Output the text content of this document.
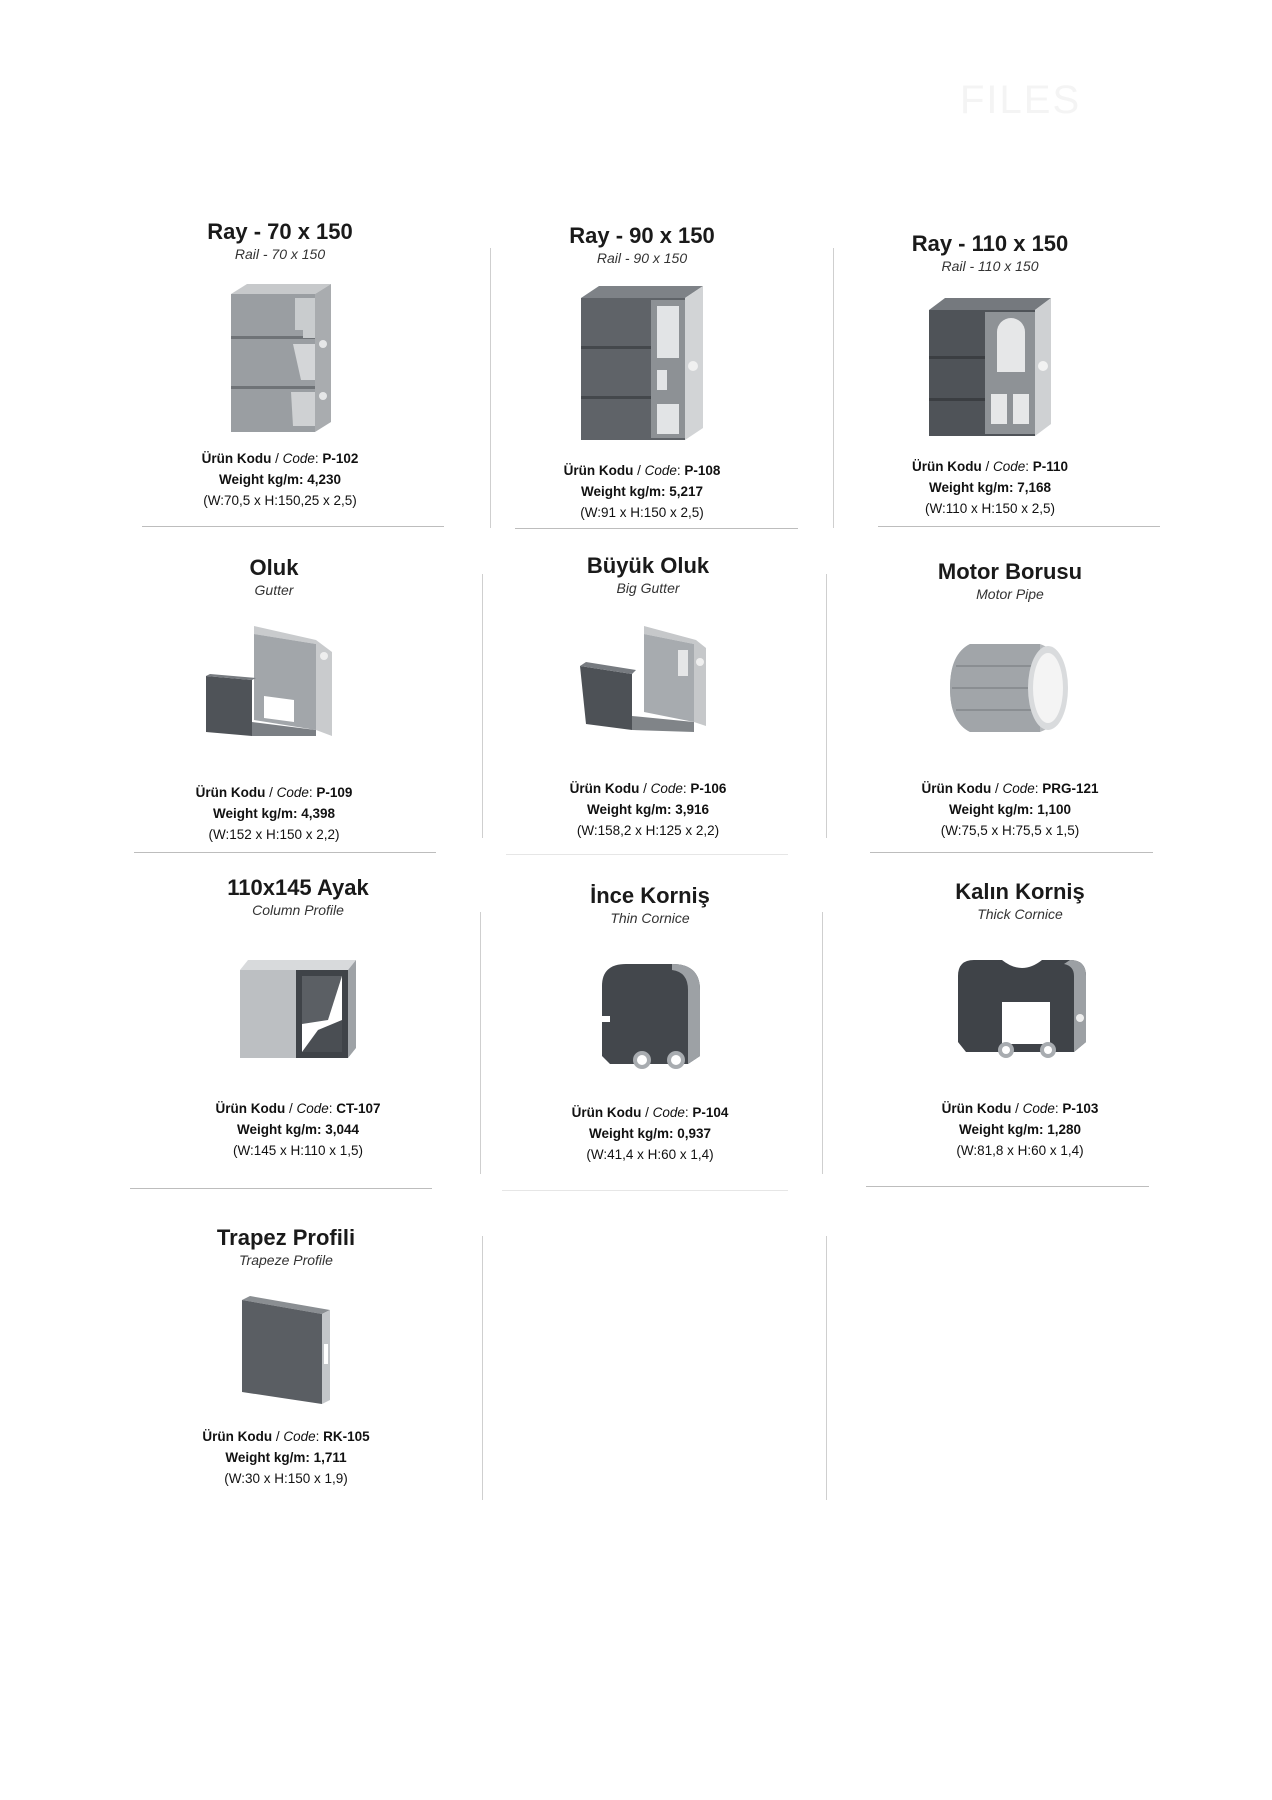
FILES
Ray - 70 x 150
Rail - 70 x 150
Ürün Kodu / Code: P-102
Weight kg/m: 4,230
(W:70,5 x H:150,25 x 2,5)
Ray - 90 x 150
Rail - 90 x 150
Ürün Kodu / Code: P-108
Weight kg/m: 5,217
(W:91 x H:150 x 2,5)
Ray - 110 x 150
Rail - 110 x 150
Ürün Kodu / Code: P-110
Weight kg/m: 7,168
(W:110 x H:150 x 2,5)
Oluk
Gutter
Ürün Kodu / Code: P-109
Weight kg/m: 4,398
(W:152 x H:150 x 2,2)
Büyük Oluk
Big Gutter
Ürün Kodu / Code: P-106
Weight kg/m: 3,916
(W:158,2 x H:125 x 2,2)
Motor Borusu
Motor Pipe
Ürün Kodu / Code: PRG-121
Weight kg/m: 1,100
(W:75,5 x H:75,5 x 1,5)
110x145 Ayak
Column Profile
Ürün Kodu / Code: CT-107
Weight kg/m: 3,044
(W:145 x H:110 x 1,5)
İnce Korniş
Thin Cornice
Ürün Kodu / Code: P-104
Weight kg/m: 0,937
(W:41,4 x H:60 x 1,4)
Kalın Korniş
Thick Cornice
Ürün Kodu / Code: P-103
Weight kg/m: 1,280
(W:81,8 x H:60 x 1,4)
Trapez Profili
Trapeze Profile
Ürün Kodu / Code: RK-105
Weight kg/m: 1,711
(W:30 x H:150 x 1,9)
